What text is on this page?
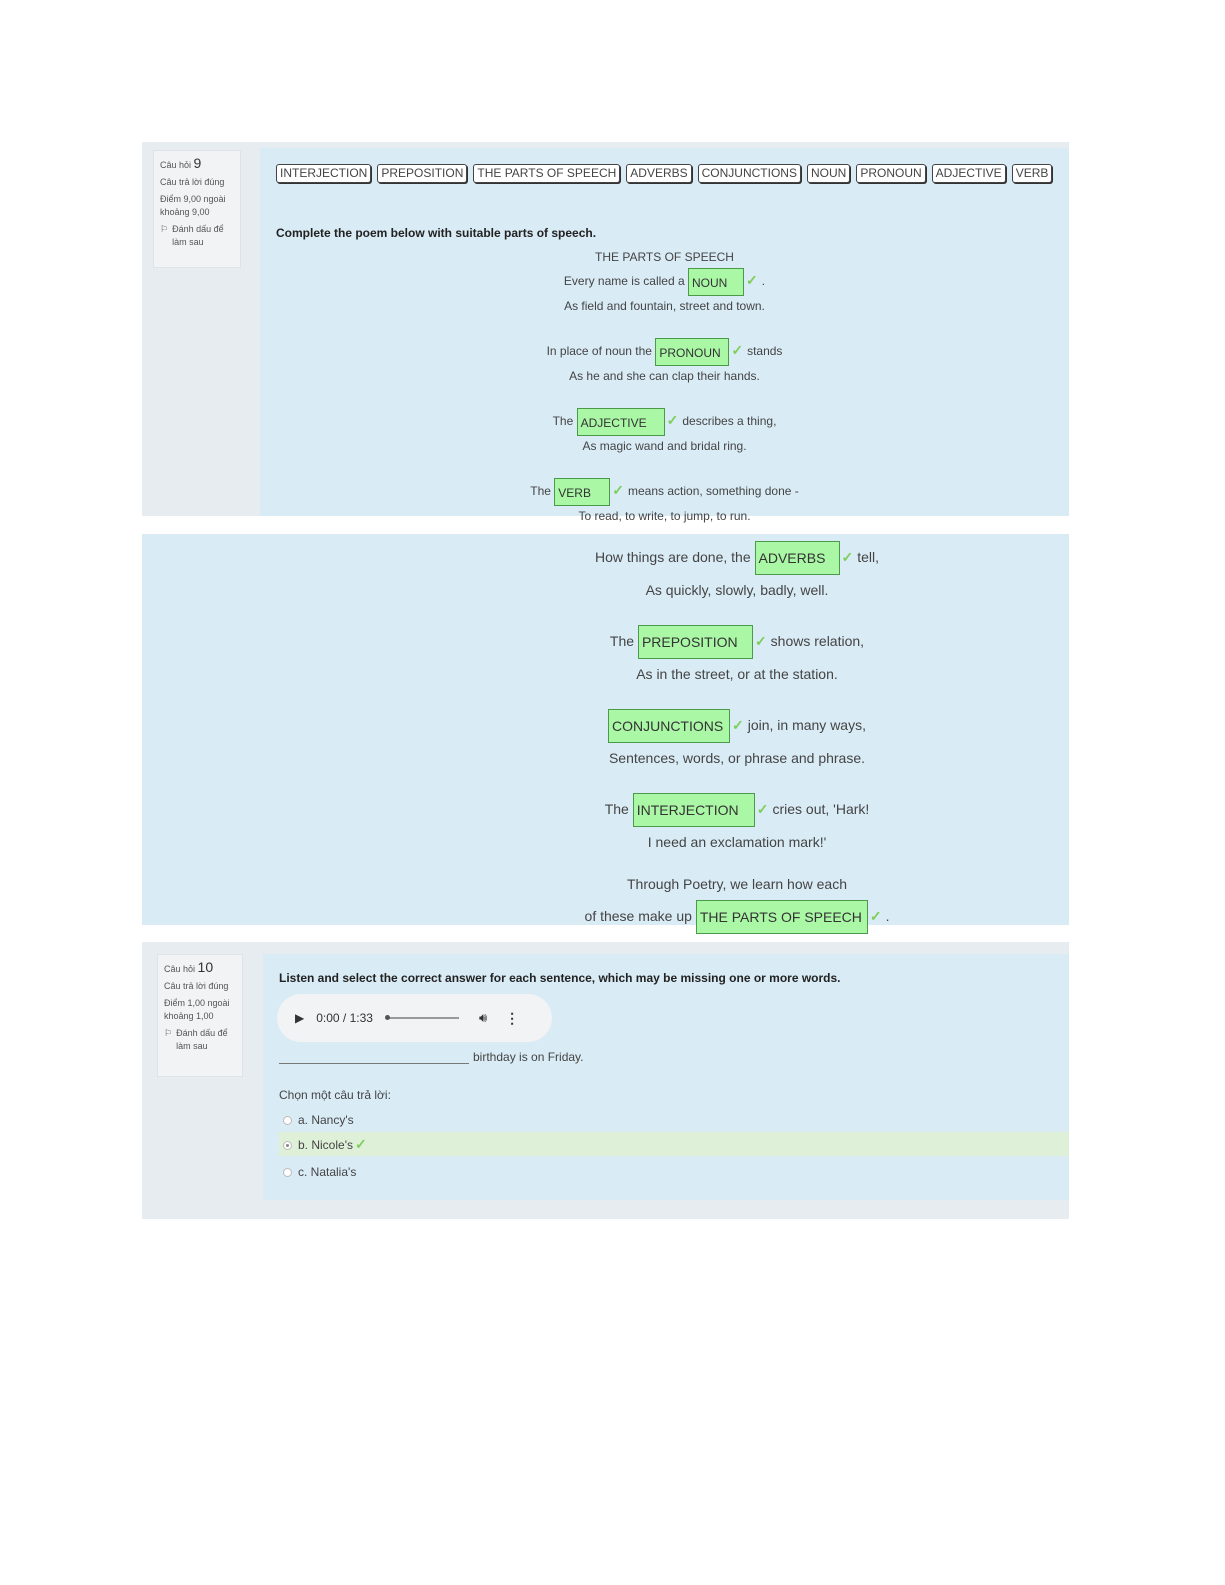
Câu hỏi 9
Câu trả lời đúng
Điểm 9,00 ngoài khoảng 9,00
⚐ Đánh dấu để làm sau
INTERJECTION PREPOSITION THE PARTS OF SPEECH ADVERBS CONJUNCTIONS NOUN PRONOUN ADJECTIVE VERB
Complete the poem below with suitable parts of speech.
THE PARTS OF SPEECH
Every name is called a NOUN ✓ .
As field and fountain, street and town.
In place of noun the PRONOUN ✓ stands
As he and she can clap their hands.
The ADJECTIVE ✓ describes a thing,
As magic wand and bridal ring.
The VERB ✓ means action, something done -
To read, to write, to jump, to run.
How things are done, the ADVERBS ✓ tell,
As quickly, slowly, badly, well.
The PREPOSITION ✓ shows relation,
As in the street, or at the station.
CONJUNCTIONS ✓ join, in many ways,
Sentences, words, or phrase and phrase.
The INTERJECTION ✓ cries out, 'Hark!
I need an exclamation mark!'
Through Poetry, we learn how each
of these make up THE PARTS OF SPEECH ✓ .
Câu hỏi 10
Câu trả lời đúng
Điểm 1,00 ngoài khoảng 1,00
⚐ Đánh dấu để làm sau
Listen and select the correct answer for each sentence, which may be missing one or more words.
▶ 0:00 / 1:33	🔊︎ ⋮
birthday is on Friday.
Chọn một câu trả lời:
a. Nancy's
b. Nicole's ✓
c. Natalia's
